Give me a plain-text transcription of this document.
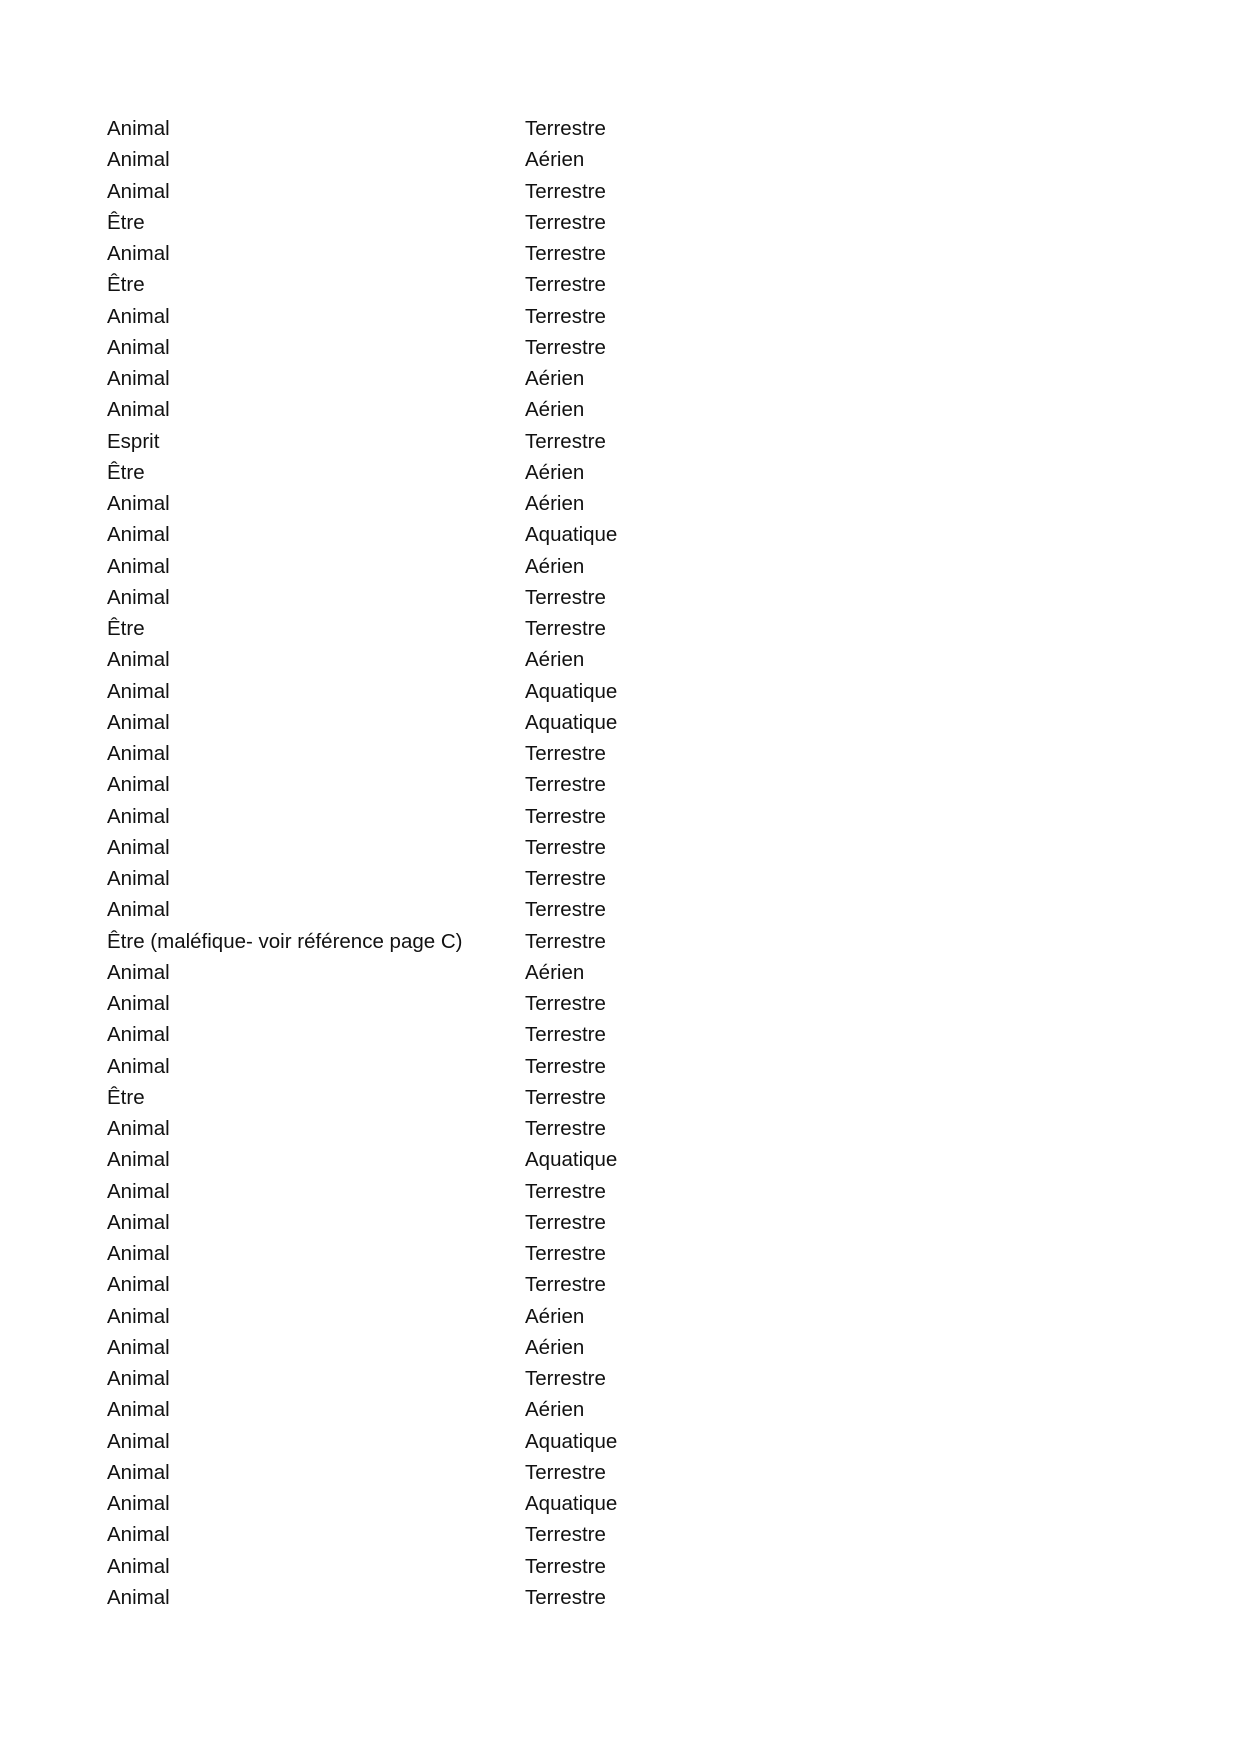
Animal	Terrestre
Animal	Aérien
Animal	Terrestre
Être	Terrestre
Animal	Terrestre
Être	Terrestre
Animal	Terrestre
Animal	Terrestre
Animal	Aérien
Animal	Aérien
Esprit	Terrestre
Être	Aérien
Animal	Aérien
Animal	Aquatique
Animal	Aérien
Animal	Terrestre
Être	Terrestre
Animal	Aérien
Animal	Aquatique
Animal	Aquatique
Animal	Terrestre
Animal	Terrestre
Animal	Terrestre
Animal	Terrestre
Animal	Terrestre
Animal	Terrestre
Être (maléfique- voir référence page C)	Terrestre
Animal	Aérien
Animal	Terrestre
Animal	Terrestre
Animal	Terrestre
Être	Terrestre
Animal	Terrestre
Animal	Aquatique
Animal	Terrestre
Animal	Terrestre
Animal	Terrestre
Animal	Terrestre
Animal	Aérien
Animal	Aérien
Animal	Terrestre
Animal	Aérien
Animal	Aquatique
Animal	Terrestre
Animal	Aquatique
Animal	Terrestre
Animal	Terrestre
Animal	Terrestre
